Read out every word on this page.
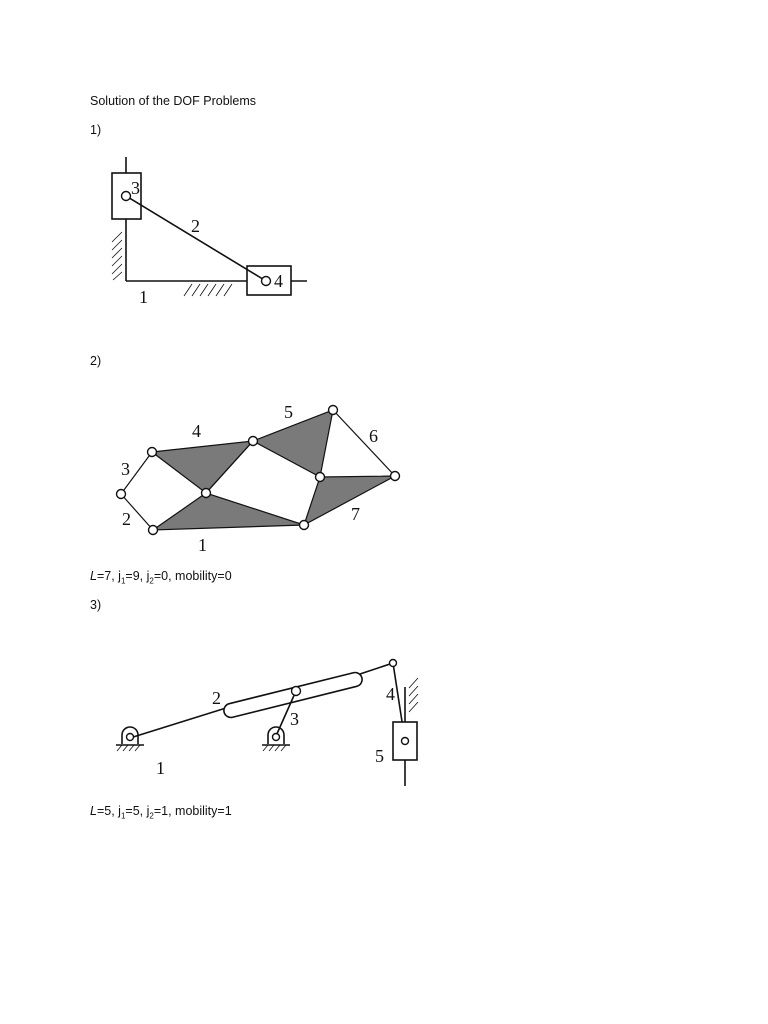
Solution of the DOF Problems
1)
2)
L=7, $j_1=9$, $j_2=0$, mobility=0
3)
L=5, $j_1=5$, $j_2=1$, mobility=1
3
2
4
1
4
5
6
3
2	7
1
2
3
4
5
1
